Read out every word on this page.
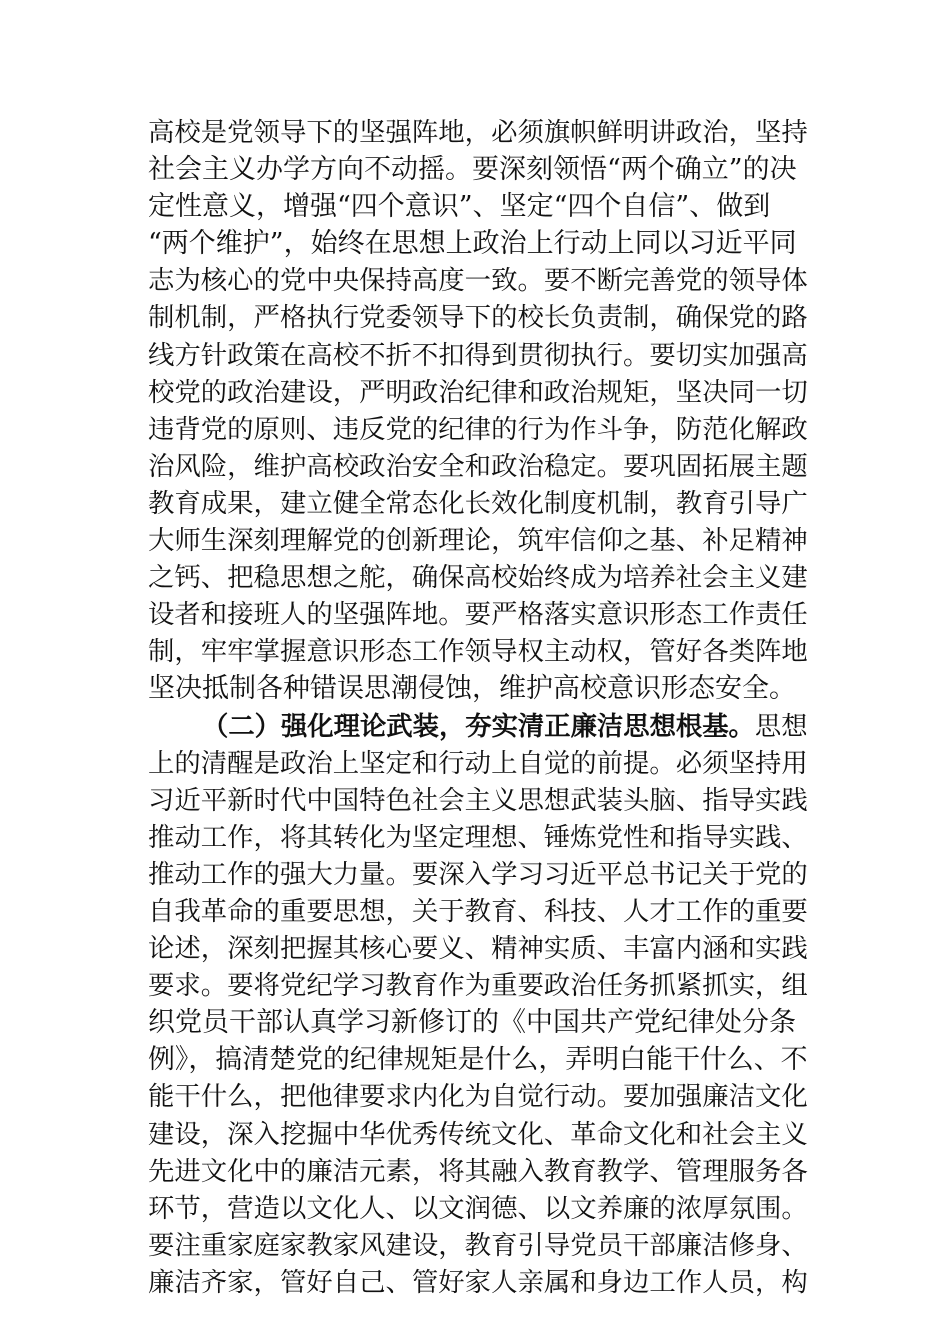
高校是党领导下的坚强阵地，必须旗帜鲜明讲政治，坚持
社会主义办学方向不动摇。要深刻领悟“两个确立”的决
定性意义，增强“四个意识”、坚定“四个自信”、做到
“两个维护”，始终在思想上政治上行动上同以习近平同
志为核心的党中央保持高度一致。要不断完善党的领导体
制机制，严格执行党委领导下的校长负责制，确保党的路
线方针政策在高校不折不扣得到贯彻执行。要切实加强高
校党的政治建设，严明政治纪律和政治规矩，坚决同一切
违背党的原则、违反党的纪律的行为作斗争，防范化解政
治风险，维护高校政治安全和政治稳定。要巩固拓展主题
教育成果，建立健全常态化长效化制度机制，教育引导广
大师生深刻理解党的创新理论，筑牢信仰之基、补足精神
之钙、把稳思想之舵，确保高校始终成为培养社会主义建
设者和接班人的坚强阵地。要严格落实意识形态工作责任
制，牢牢掌握意识形态工作领导权主动权，管好各类阵地
坚决抵制各种错误思潮侵蚀，维护高校意识形态安全。
（二）强化理论武装，夯实清正廉洁思想根基。思想
上的清醒是政治上坚定和行动上自觉的前提。必须坚持用
习近平新时代中国特色社会主义思想武装头脑、指导实践
推动工作，将其转化为坚定理想、锤炼党性和指导实践、
推动工作的强大力量。要深入学习习近平总书记关于党的
自我革命的重要思想，关于教育、科技、人才工作的重要
论述，深刻把握其核心要义、精神实质、丰富内涵和实践
要求。要将党纪学习教育作为重要政治任务抓紧抓实，组
织党员干部认真学习新修订的《中国共产党纪律处分条
例》，搞清楚党的纪律规矩是什么，弄明白能干什么、不
能干什么，把他律要求内化为自觉行动。要加强廉洁文化
建设，深入挖掘中华优秀传统文化、革命文化和社会主义
先进文化中的廉洁元素，将其融入教育教学、管理服务各
环节，营造以文化人、以文润德、以文养廉的浓厚氛围。
要注重家庭家教家风建设，教育引导党员干部廉洁修身、
廉洁齐家，管好自己、管好家人亲属和身边工作人员，构
